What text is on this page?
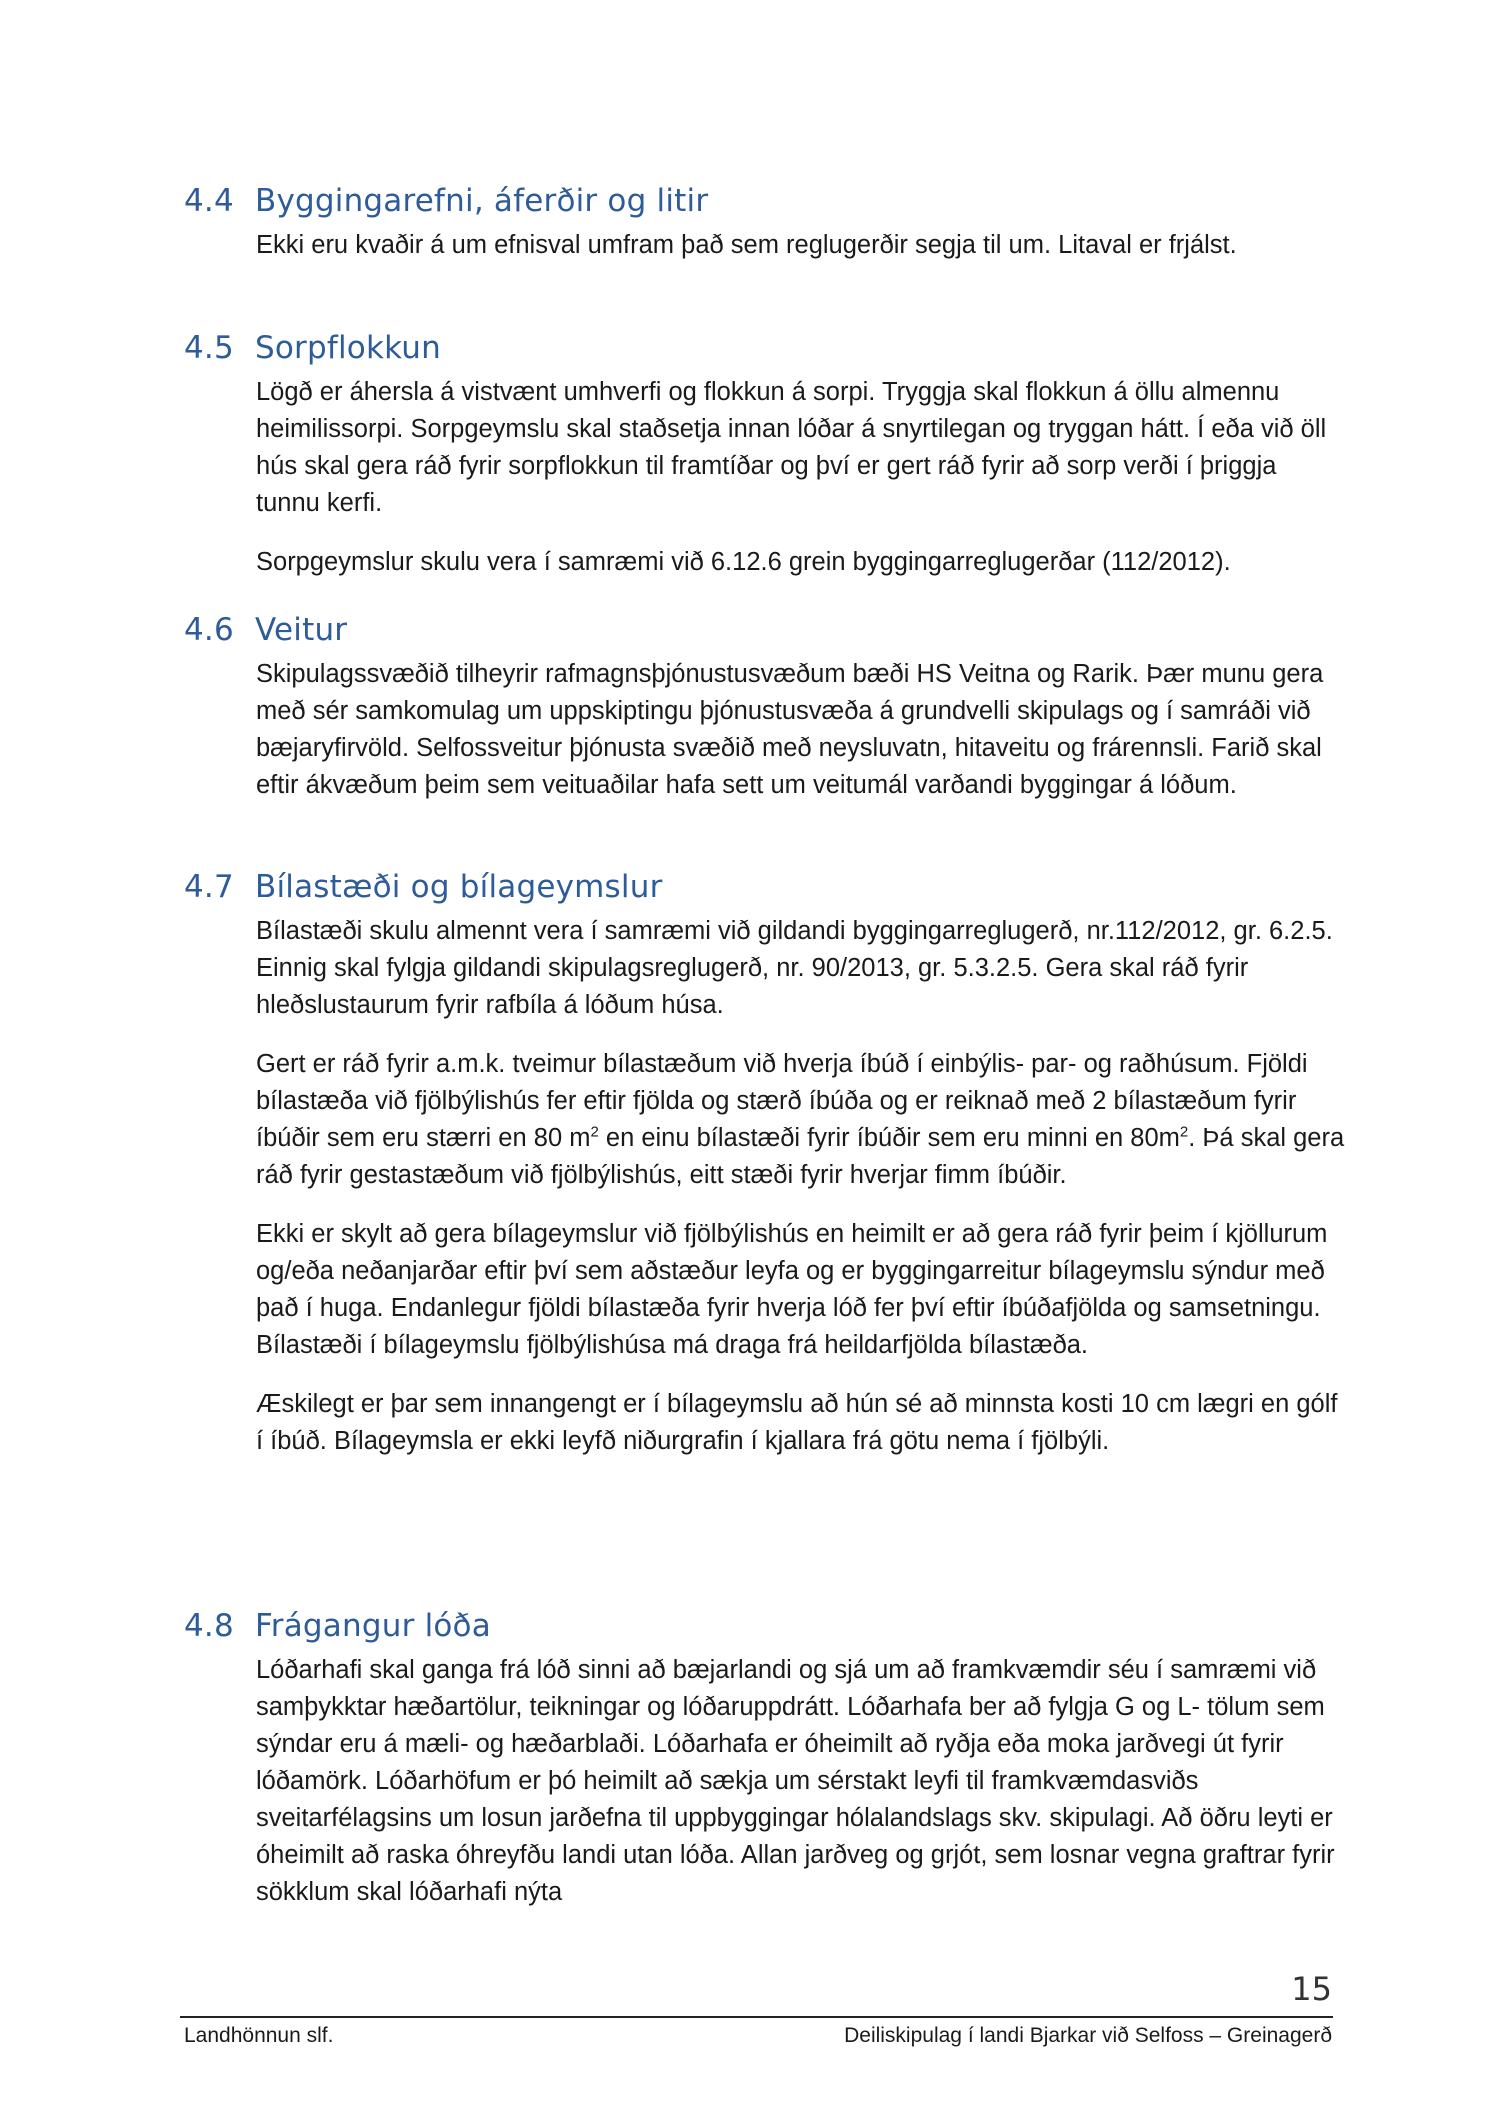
4.4 Byggingarefni, áferðir og litir

Ekki eru kvaðir á um efnisval umfram það sem reglugerðir segja til um. Litaval er frjálst.

4.5 Sorpflokkun

Lögð er áhersla á vistvænt umhverfi og flokkun á sorpi. Tryggja skal flokkun á öllu almennu heimilissorpi. Sorpgeymslu skal staðsetja innan lóðar á snyrtilegan og tryggan hátt. Í eða við öll hús skal gera ráð fyrir sorpflokkun til framtíðar og því er gert ráð fyrir að sorp verði í þriggja tunnu kerfi.

Sorpgeymslur skulu vera í samræmi við 6.12.6 grein byggingarreglugerðar (112/2012).

4.6 Veitur

Skipulagssvæðið tilheyrir rafmagnsþjónustusvæðum bæði HS Veitna og Rarik. Þær munu gera með sér samkomulag um uppskiptingu þjónustusvæða á grundvelli skipulags og í samráði við bæjaryfirvöld. Selfossveitur þjónusta svæðið með neysluvatn, hitaveitu og frárennsli. Farið skal eftir ákvæðum þeim sem veituaðilar hafa sett um veitumál varðandi byggingar á lóðum.

4.7 Bílastæði og bílageymslur

Bílastæði skulu almennt vera í samræmi við gildandi byggingarreglugerð, nr.112/2012, gr. 6.2.5. Einnig skal fylgja gildandi skipulagsreglugerð, nr. 90/2013, gr. 5.3.2.5. Gera skal ráð fyrir hleðslustaurum fyrir rafbíla á lóðum húsa.

Gert er ráð fyrir a.m.k. tveimur bílastæðum við hverja íbúð í einbýlis- par- og raðhúsum. Fjöldi bílastæða við fjölbýlishús fer eftir fjölda og stærð íbúða og er reiknað með 2 bílastæðum fyrir íbúðir sem eru stærri en 80 $m^2$ en einu bílastæði fyrir íbúðir sem eru minni en $80m^2$. Þá skal gera ráð fyrir gestastæðum við fjölbýlishús, eitt stæði fyrir hverjar fimm íbúðir.

Ekki er skylt að gera bílageymslur við fjölbýlishús en heimilt er að gera ráð fyrir þeim í kjöllurum og/eða neðanjarðar eftir því sem aðstæður leyfa og er byggingarreitur bílageymslu sýndur með það í huga. Endanlegur fjöldi bílastæða fyrir hverja lóð fer því eftir íbúðafjölda og samsetningu. Bílastæði í bílageymslu fjölbýlishúsa má draga frá heildarfjölda bílastæða.

Æskilegt er þar sem innangengt er í bílageymslu að hún sé að minnsta kosti 10 cm lægri en gólf í íbúð. Bílageymsla er ekki leyfð niðurgrafin í kjallara frá götu nema í fjölbýli.

4.8 Frágangur lóða

Lóðarhafi skal ganga frá lóð sinni að bæjarlandi og sjá um að framkvæmdir séu í samræmi við samþykktar hæðartölur, teikningar og lóðaruppdrátt. Lóðarhafa ber að fylgja G og L- tölum sem sýndar eru á mæli- og hæðarblaði. Lóðarhafa er óheimilt að ryðja eða moka jarðvegi út fyrir lóðamörk. Lóðarhöfum er þó heimilt að sækja um sérstakt leyfi til framkvæmdasviðs sveitarfélagsins um losun jarðefna til uppbyggingar hólalandslags skv. skipulagi. Að öðru leyti er óheimilt að raska óhreyfðu landi utan lóða. Allan jarðveg og grjót, sem losnar vegna graftrar fyrir sökklum skal lóðarhafi nýta

15
Landhönnun slf.	Deiliskipulag í landi Bjarkar við Selfoss – Greinagerð
